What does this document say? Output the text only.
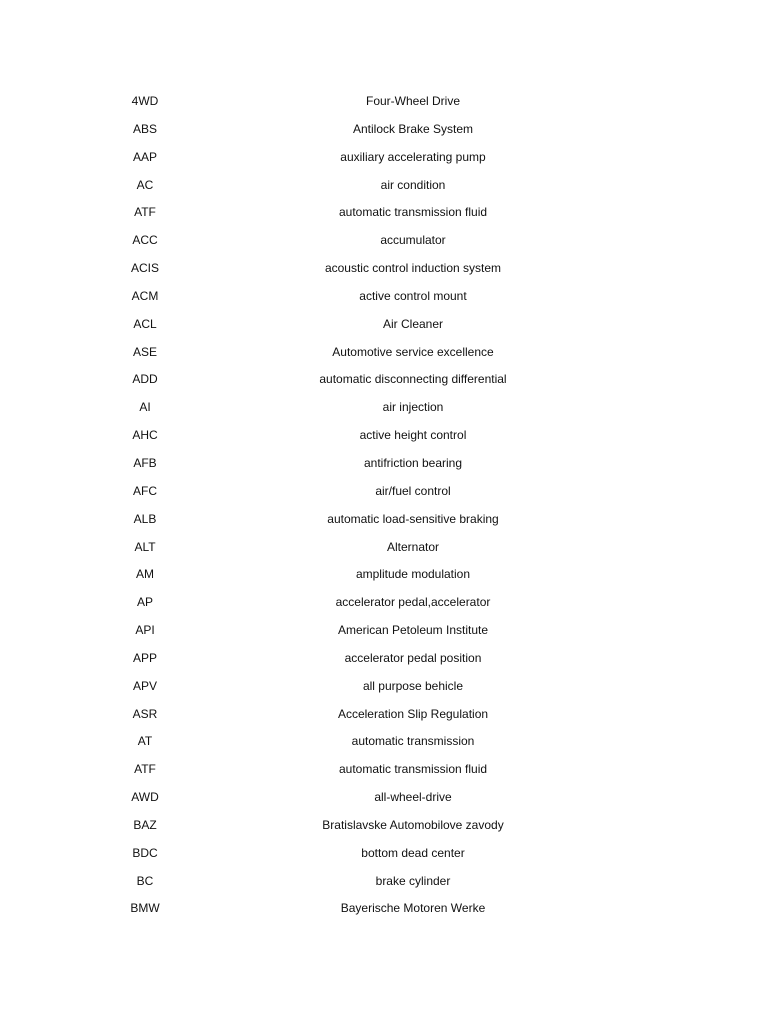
4WD	Four-Wheel Drive
ABS	Antilock Brake System
AAP	auxiliary accelerating pump
AC	air condition
ATF	automatic transmission fluid
ACC	accumulator
ACIS	acoustic control induction system
ACM	active control mount
ACL	Air Cleaner
ASE	Automotive service excellence
ADD	automatic disconnecting differential
AI	air injection
AHC	active height control
AFB	antifriction bearing
AFC	air/fuel control
ALB	automatic load-sensitive braking
ALT	Alternator
AM	amplitude modulation
AP	accelerator pedal,accelerator
API	American Petoleum Institute
APP	accelerator pedal position
APV	all purpose behicle
ASR	Acceleration Slip Regulation
AT	automatic transmission
ATF	automatic transmission fluid
AWD	all-wheel-drive
BAZ	Bratislavske Automobilove zavody
BDC	bottom dead center
BC	brake cylinder
BMW	Bayerische Motoren Werke
